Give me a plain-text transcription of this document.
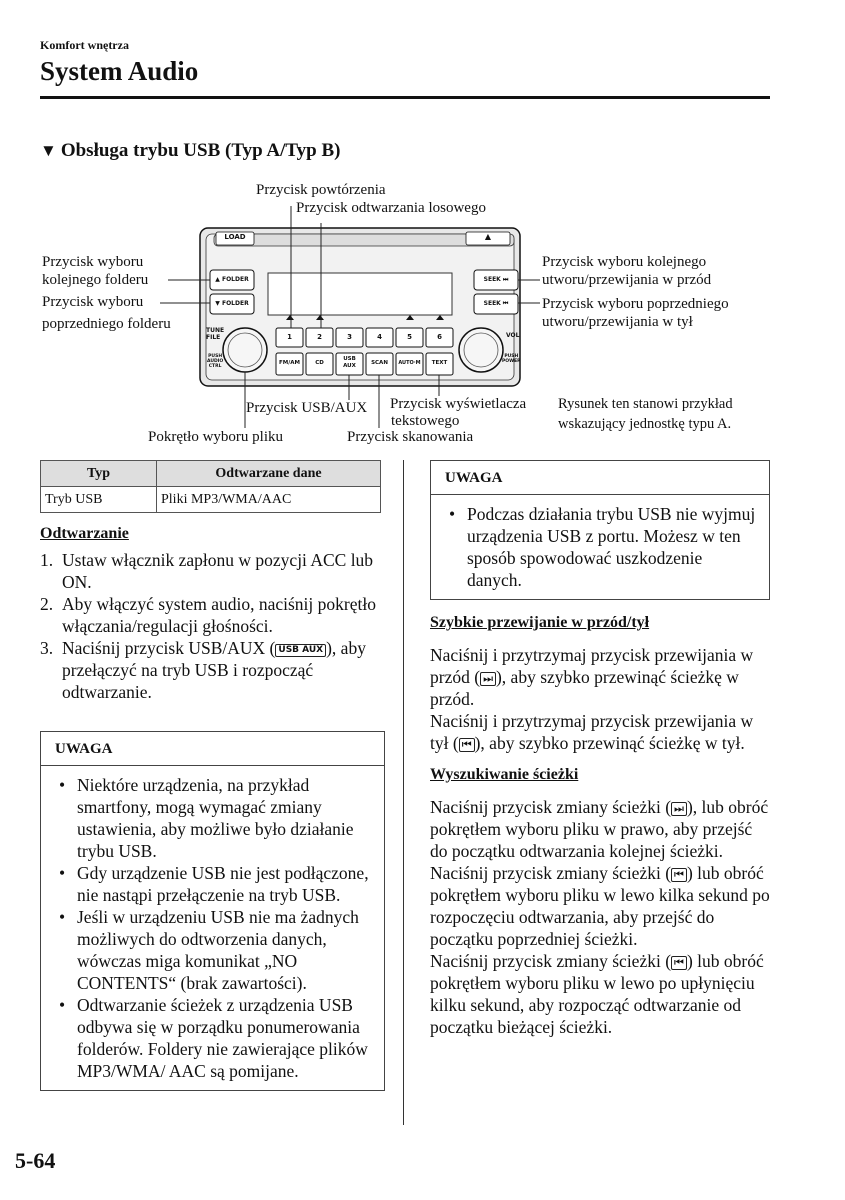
Komfort wnętrza
System Audio
▼ Obsługa trybu USB (Typ A/Typ B)
LOAD	▲
▲ FOLDER
▼ FOLDER
SEEK ⏭
SEEK ⏮
TUNE
FILE
PUSH
AUDIO
CTRL
VOL
PUSH
POWER
1	2	3	4	5	6
FM/AM	CD
USB AUX	SCAN	AUTO·M	TEXT
Przycisk powtórzenia
Przycisk odtwarzania losowego
Przycisk wyboru
kolejnego folderu
Przycisk wyboru
poprzedniego folderu
Przycisk wyboru kolejnego
utworu/przewijania w przód
Przycisk wyboru poprzedniego
utworu/przewijania w tył
Przycisk USB/AUX Przycisk wyświetlacza
tekstowego
Pokrętło wyboru pliku	Przycisk skanowania
Rysunek ten stanowi przykład
wskazujący jednostkę typu A.
Typ	Odtwarzane dane
Tryb USB	Pliki MP3/WMA/AAC
Odtwarzanie
1. Ustaw włącznik zapłonu w pozycji ACC lub ON.
2. Aby włączyć system audio, naciśnij pokrętło włączania/regulacji głośności.
3. Naciśnij przycisk USB/AUX ( USB AUX ), aby przełączyć na tryb USB i rozpocząć odtwarzanie.
UWAGA
• Niektóre urządzenia, na przykład smartfony, mogą wymagać zmiany ustawienia, aby możliwe było działanie trybu USB.
• Gdy urządzenie USB nie jest podłączone, nie nastąpi przełączenie na tryb USB.
• Jeśli w urządzeniu USB nie ma żadnych możliwych do odtworzenia danych, wówczas miga komunikat „NO CONTENTS“ (brak zawartości).
• Odtwarzanie ścieżek z urządzenia USB odbywa się w porządku ponumerowania folderów. Foldery nie zawierające plików MP3/WMA/ AAC są pomijane.
UWAGA
• Podczas działania trybu USB nie wyjmuj urządzenia USB z portu. Możesz w ten sposób spowodować uszkodzenie danych.
Szybkie przewijanie w przód/tył
Naciśnij i przytrzymaj przycisk przewijania w przód ( ⏭ ), aby szybko przewinąć ścieżkę w przód.
Naciśnij i przytrzymaj przycisk przewijania w tył ( ⏮ ), aby szybko przewinąć ścieżkę w tył.
Wyszukiwanie ścieżki
Naciśnij przycisk zmiany ścieżki ( ⏭ ), lub obróć pokrętłem wyboru pliku w prawo, aby przejść do początku odtwarzania kolejnej ścieżki.
Naciśnij przycisk zmiany ścieżki ( ⏮ ) lub obróć pokrętłem wyboru pliku w lewo kilka sekund po rozpoczęciu odtwarzania, aby przejść do początku poprzedniej ścieżki.
Naciśnij przycisk zmiany ścieżki ( ⏮ ) lub obróć pokrętłem wyboru pliku w lewo po upłynięciu kilku sekund, aby rozpocząć odtwarzanie od początku bieżącej ścieżki.
5-64
